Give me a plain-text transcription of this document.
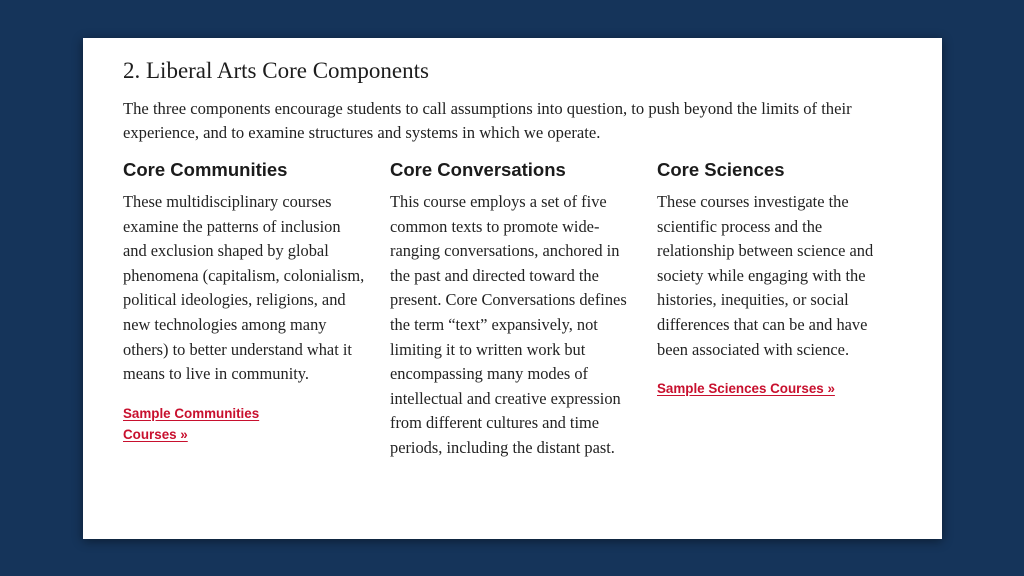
2. Liberal Arts Core Components

The three components encourage students to call assumptions into question, to push beyond the limits of their experience, and to examine structures and systems in which we operate.

Core Communities

These multidisciplinary courses examine the patterns of inclusion and exclusion shaped by global phenomena (capitalism, colonialism, political ideologies, religions, and new technologies among many others) to better understand what it means to live in community.

Sample Communities Courses »
Core Conversations

This course employs a set of five common texts to promote wide-ranging conversations, anchored in the past and directed toward the present. Core Conversations defines the term “text” expansively, not limiting it to written work but encompassing many modes of intellectual and creative expression from different cultures and time periods, including the distant past.

Core Sciences

These courses investigate the scientific process and the relationship between science and society while engaging with the histories, inequities, or social differences that can be and have been associated with science.

Sample Sciences Courses »
